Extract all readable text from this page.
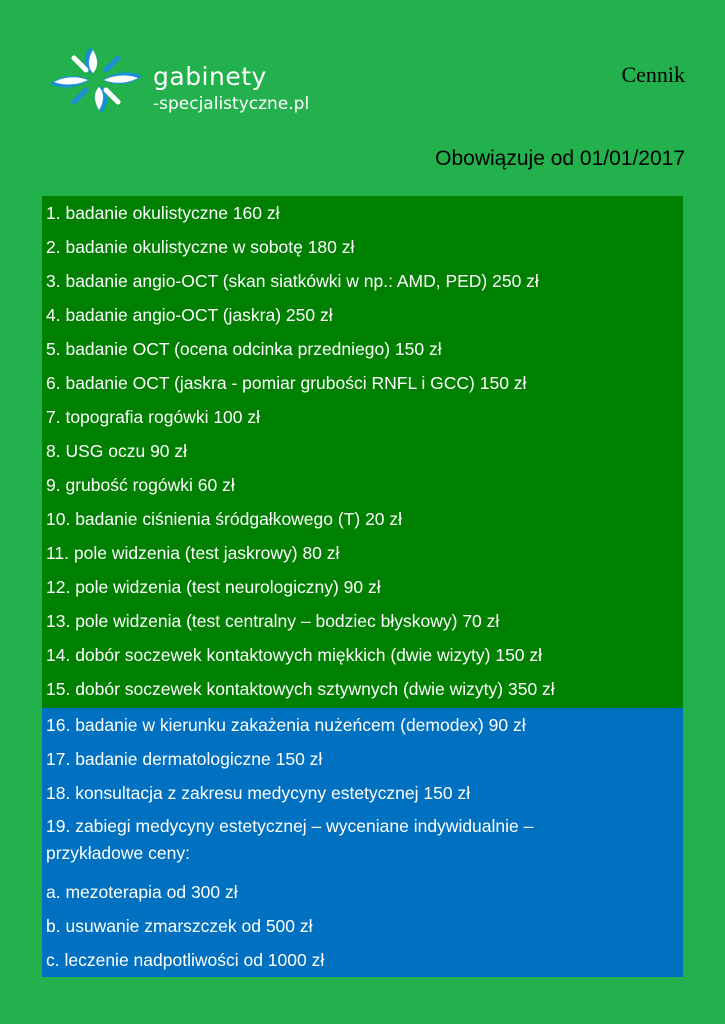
gabinety
-specjalistyczne.pl
Cennik
Obowiązuje od 01/01/2017
1. badanie okulistyczne 160 zł
2. badanie okulistyczne w sobotę 180 zł
3. badanie angio-OCT (skan siatkówki w np.: AMD, PED) 250 zł
4. badanie angio-OCT (jaskra) 250 zł
5. badanie OCT (ocena odcinka przedniego) 150 zł
6. badanie OCT (jaskra - pomiar grubości RNFL i GCC) 150 zł
7. topografia rogówki 100 zł
8. USG oczu 90 zł
9. grubość rogówki 60 zł
10. badanie ciśnienia śródgałkowego (T) 20 zł
11. pole widzenia (test jaskrowy) 80 zł
12. pole widzenia (test neurologiczny) 90 zł
13. pole widzenia (test centralny – bodziec błyskowy) 70 zł
14. dobór soczewek kontaktowych miękkich (dwie wizyty) 150 zł
15. dobór soczewek kontaktowych sztywnych (dwie wizyty) 350 zł
16. badanie w kierunku zakażenia nużeńcem (demodex) 90 zł
17. badanie dermatologiczne 150 zł
18. konsultacja z zakresu medycyny estetycznej 150 zł
19. zabiegi medycyny estetycznej – wyceniane indywidualnie – przykładowe ceny:
a. mezoterapia od 300 zł
b. usuwanie zmarszczek od 500 zł
c. leczenie nadpotliwości od 1000 zł
